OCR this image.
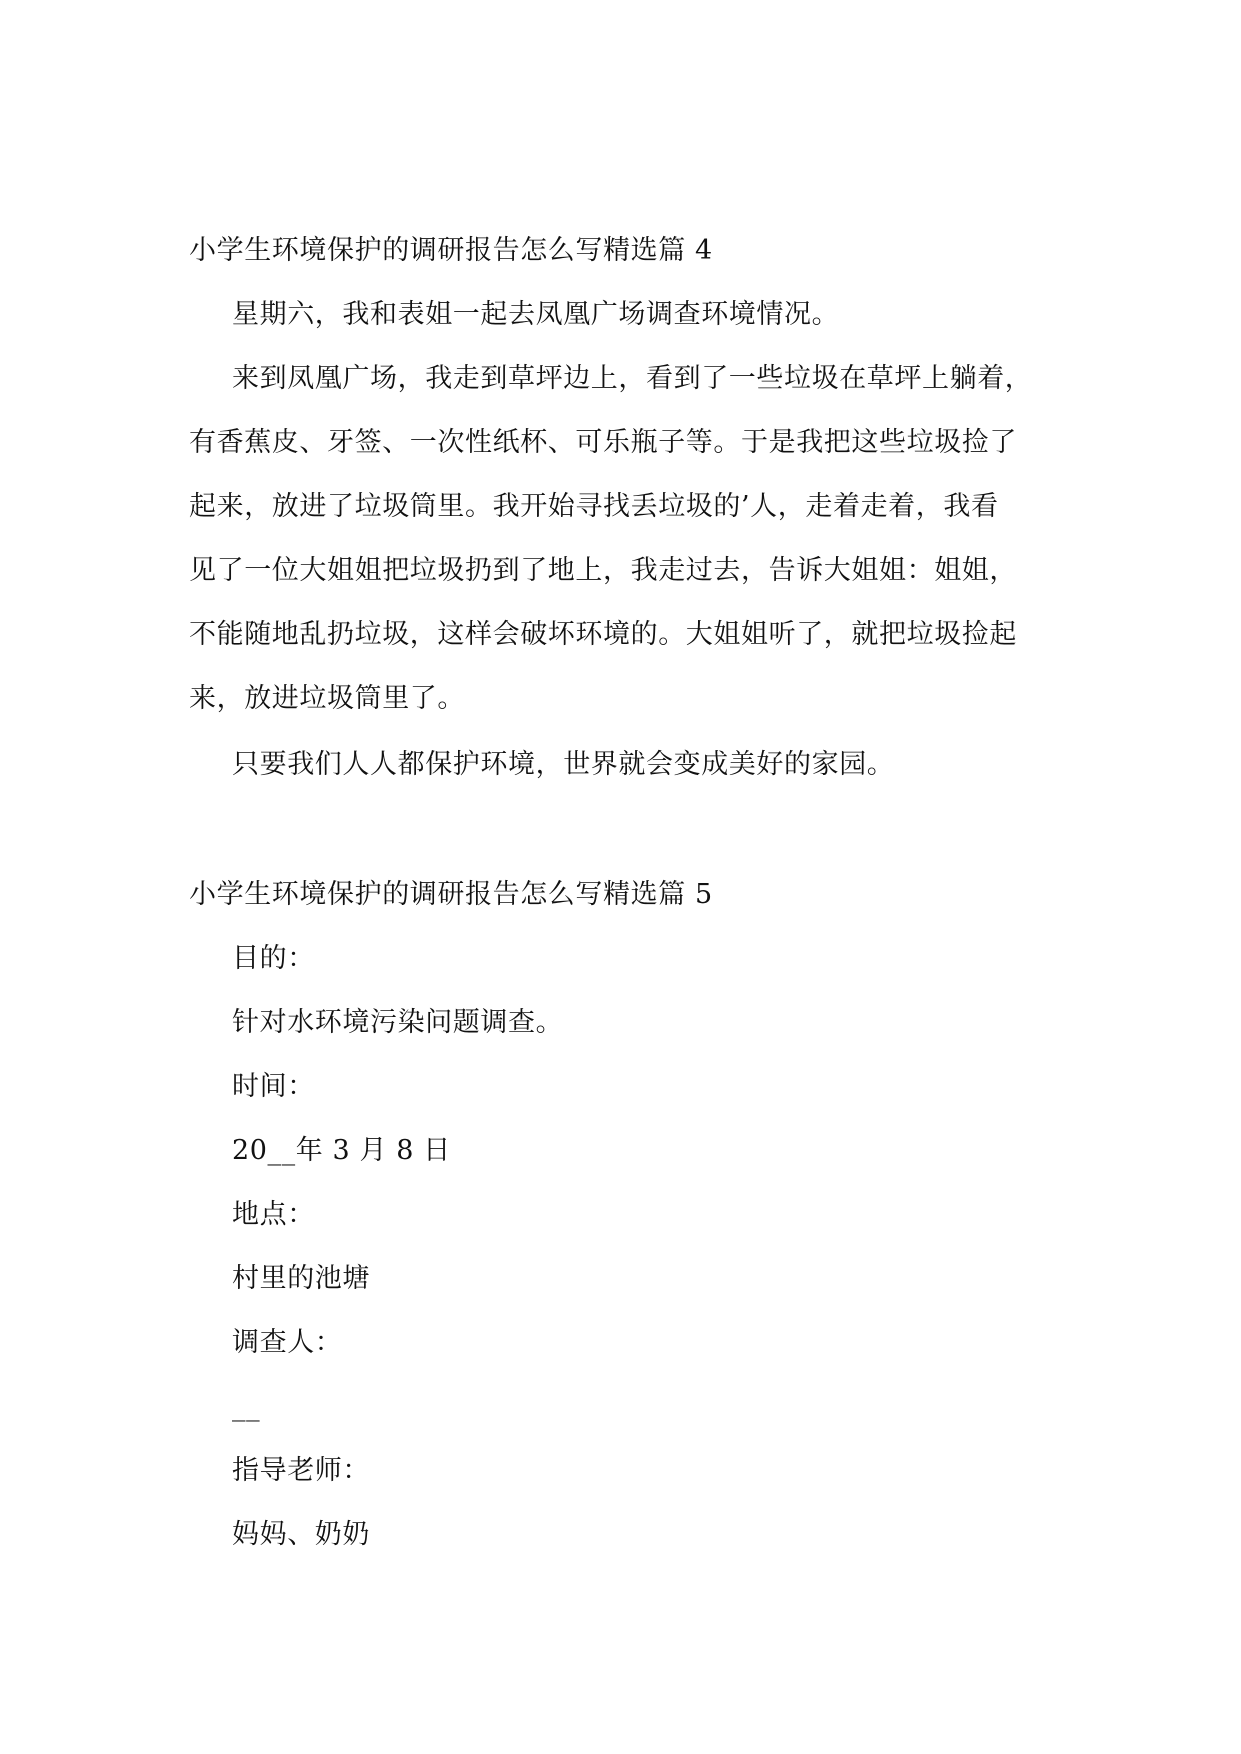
小学生环境保护的调研报告怎么写精选篇 4
星期六，我和表姐一起去凤凰广场调查环境情况。
来到凤凰广场，我走到草坪边上，看到了一些垃圾在草坪上躺着，
有香蕉皮、牙签、一次性纸杯、可乐瓶子等。于是我把这些垃圾捡了
起来，放进了垃圾筒里。我开始寻找丢垃圾的’人，走着走着，我看
见了一位大姐姐把垃圾扔到了地上，我走过去，告诉大姐姐：姐姐，
不能随地乱扔垃圾，这样会破坏环境的。大姐姐听了，就把垃圾捡起
来，放进垃圾筒里了。
只要我们人人都保护环境，世界就会变成美好的家园。
小学生环境保护的调研报告怎么写精选篇 5
目的：
针对水环境污染问题调查。
时间：
20__年 3 月 8 日
地点：
村里的池塘
调查人：
__
指导老师：
妈妈、奶奶
